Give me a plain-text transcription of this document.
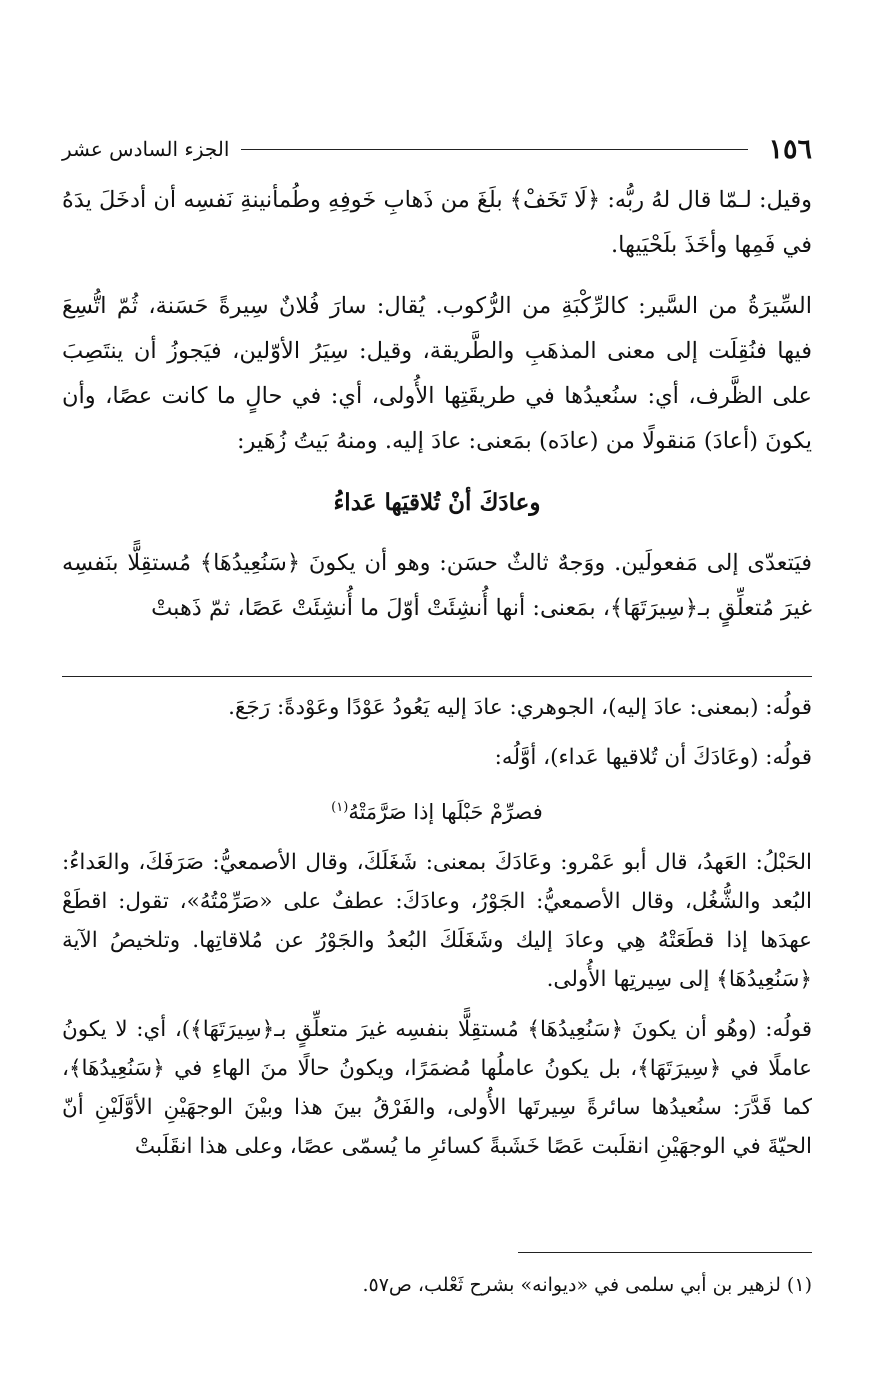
١٥٦
الجزء السادس عشر

وقيل: لـمّا قال لهُ ربُّه: ﴿لَا تَخَفْ﴾ بلَغَ من ذَهابِ خَوفِهِ وطُمأنينةِ نَفسِه أن أدخَلَ يدَهُ في فَمِها وأخَذَ بلَحْيَيها.

السِّيرَةُ من السَّير: كالرِّكْبَةِ من الرُّكوب. يُقال: سارَ فُلانٌ سِيرةً حَسَنة، ثُمّ اتُّسِعَ فيها فنُقِلَت إلى معنى المذهَبِ والطَّريقة، وقيل: سِيَرُ الأوّلين، فيَجوزُ أن ينتَصِبَ على الظَّرف، أي: سنُعيدُها في طريقَتِها الأُولى، أي: في حالٍ ما كانت عصًا، وأن يكونَ (أعادَ) مَنقولًا من (عادَه) بمَعنى: عادَ إليه. ومنهُ بَيتُ زُهَير:

وعادَكَ أنْ تُلاقيَها عَداءُ

فيَتعدّى إلى مَفعولَين. ووَجهٌ ثالثٌ حسَن: وهو أن يكونَ ﴿سَنُعِيدُهَا﴾ مُستقِلًّا بنَفسِه غيرَ مُتعلِّقٍ بـ﴿سِيرَتَهَا﴾، بمَعنى: أنها أُنشِئَتْ أوّلَ ما أُنشِئَتْ عَصًا، ثمّ ذَهبتْ

قولُه: (بمعنى: عادَ إليه)، الجوهري: عادَ إليه يَعُودُ عَوْدًا وعَوْدةً: رَجَعَ.

قولُه: (وعَادَكَ أن تُلاقيها عَداء)، أوَّلُه:

فصرِّمْ حَبْلَها إذا صَرَّمَتْهُ$^{(١)}$

الحَبْلُ: العَهدُ، قال أبو عَمْرو: وعَادَكَ بمعنى: شَغَلَكَ، وقال الأصمعيُّ: صَرَفَكَ، والعَداءُ: البُعد والشُّغُل، وقال الأصمعيُّ: الجَوْرُ، وعادَكَ: عطفٌ على «صَرِّمْتُهُ»، تقول: اقطَعْ عهدَها إذا قطَعَتْهُ هِي وعادَ إليك وشَغَلَكَ البُعدُ والجَوْرُ عن مُلاقاتِها. وتلخيصُ الآية ﴿سَنُعِيدُهَا﴾ إلى سِيرتِها الأُولى.

قولُه: (وهُو أن يكونَ ﴿سَنُعِيدُهَا﴾ مُستقِلًّا بنفسِه غيرَ متعلِّقٍ بـ﴿سِيرَتَهَا﴾)، أي: لا يكونُ عاملًا في ﴿سِيرَتَهَا﴾، بل يكونُ عاملُها مُضمَرًا، ويكونُ حالًا منَ الهاءِ في ﴿سَنُعِيدُهَا﴾، كما قَدَّرَ: سنُعيدُها سائرةً سِيرتَها الأُولى، والفَرْقُ بينَ هذا وبيْنَ الوجهَيْنِ الأوَّلَيْنِ أنّ الحيّةَ في الوجهَيْنِ انقلَبت عَصًا خَشَبةً كسائرِ ما يُسمّى عصًا، وعلى هذا انقَلَبتْ

(١) لزهير بن أبي سلمى في «ديوانه» بشرح ثَعْلب، ص٥٧.
